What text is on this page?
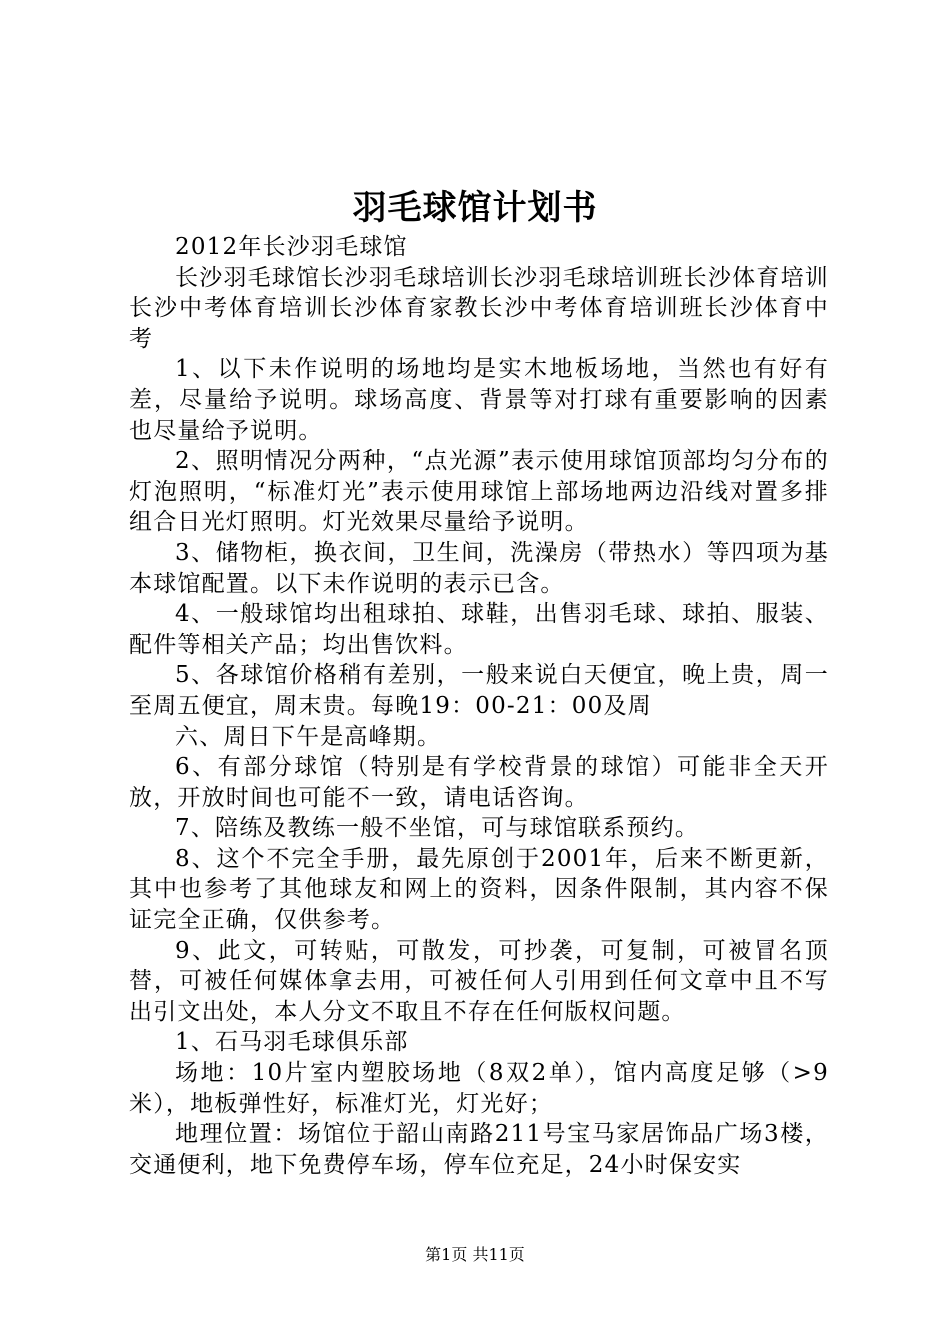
羽毛球馆计划书

2012年长沙羽毛球馆

长沙羽毛球馆长沙羽毛球培训长沙羽毛球培训班长沙体育培训长沙中考体育培训长沙体育家教长沙中考体育培训班长沙体育中考

1、以下未作说明的场地均是实木地板场地，当然也有好有差，尽量给予说明。球场高度、背景等对打球有重要影响的因素也尽量给予说明。

2、照明情况分两种，“点光源”表示使用球馆顶部均匀分布的灯泡照明，“标准灯光”表示使用球馆上部场地两边沿线对置多排组合日光灯照明。灯光效果尽量给予说明。

3、储物柜，换衣间，卫生间，洗澡房（带热水）等四项为基本球馆配置。以下未作说明的表示已含。

4、一般球馆均出租球拍、球鞋，出售羽毛球、球拍、服装、配件等相关产品；均出售饮料。

5、各球馆价格稍有差别，一般来说白天便宜，晚上贵，周一至周五便宜，周末贵。每晚19：00-21：00及周

六、周日下午是高峰期。

6、有部分球馆（特别是有学校背景的球馆）可能非全天开放，开放时间也可能不一致，请电话咨询。

7、陪练及教练一般不坐馆，可与球馆联系预约。

8、这个不完全手册，最先原创于2001年，后来不断更新，其中也参考了其他球友和网上的资料，因条件限制，其内容不保证完全正确，仅供参考。

9、此文，可转贴，可散发，可抄袭，可复制，可被冒名顶替，可被任何媒体拿去用，可被任何人引用到任何文章中且不写出引文出处，本人分文不取且不存在任何版权问题。

1、石马羽毛球俱乐部

场地：10片室内塑胶场地（8双2单），馆内高度足够（>9米），地板弹性好，标准灯光，灯光好；

地理位置：场馆位于韶山南路211号宝马家居饰品广场3楼，交通便利，地下免费停车场，停车位充足，24小时保安实

第1页 共11页
